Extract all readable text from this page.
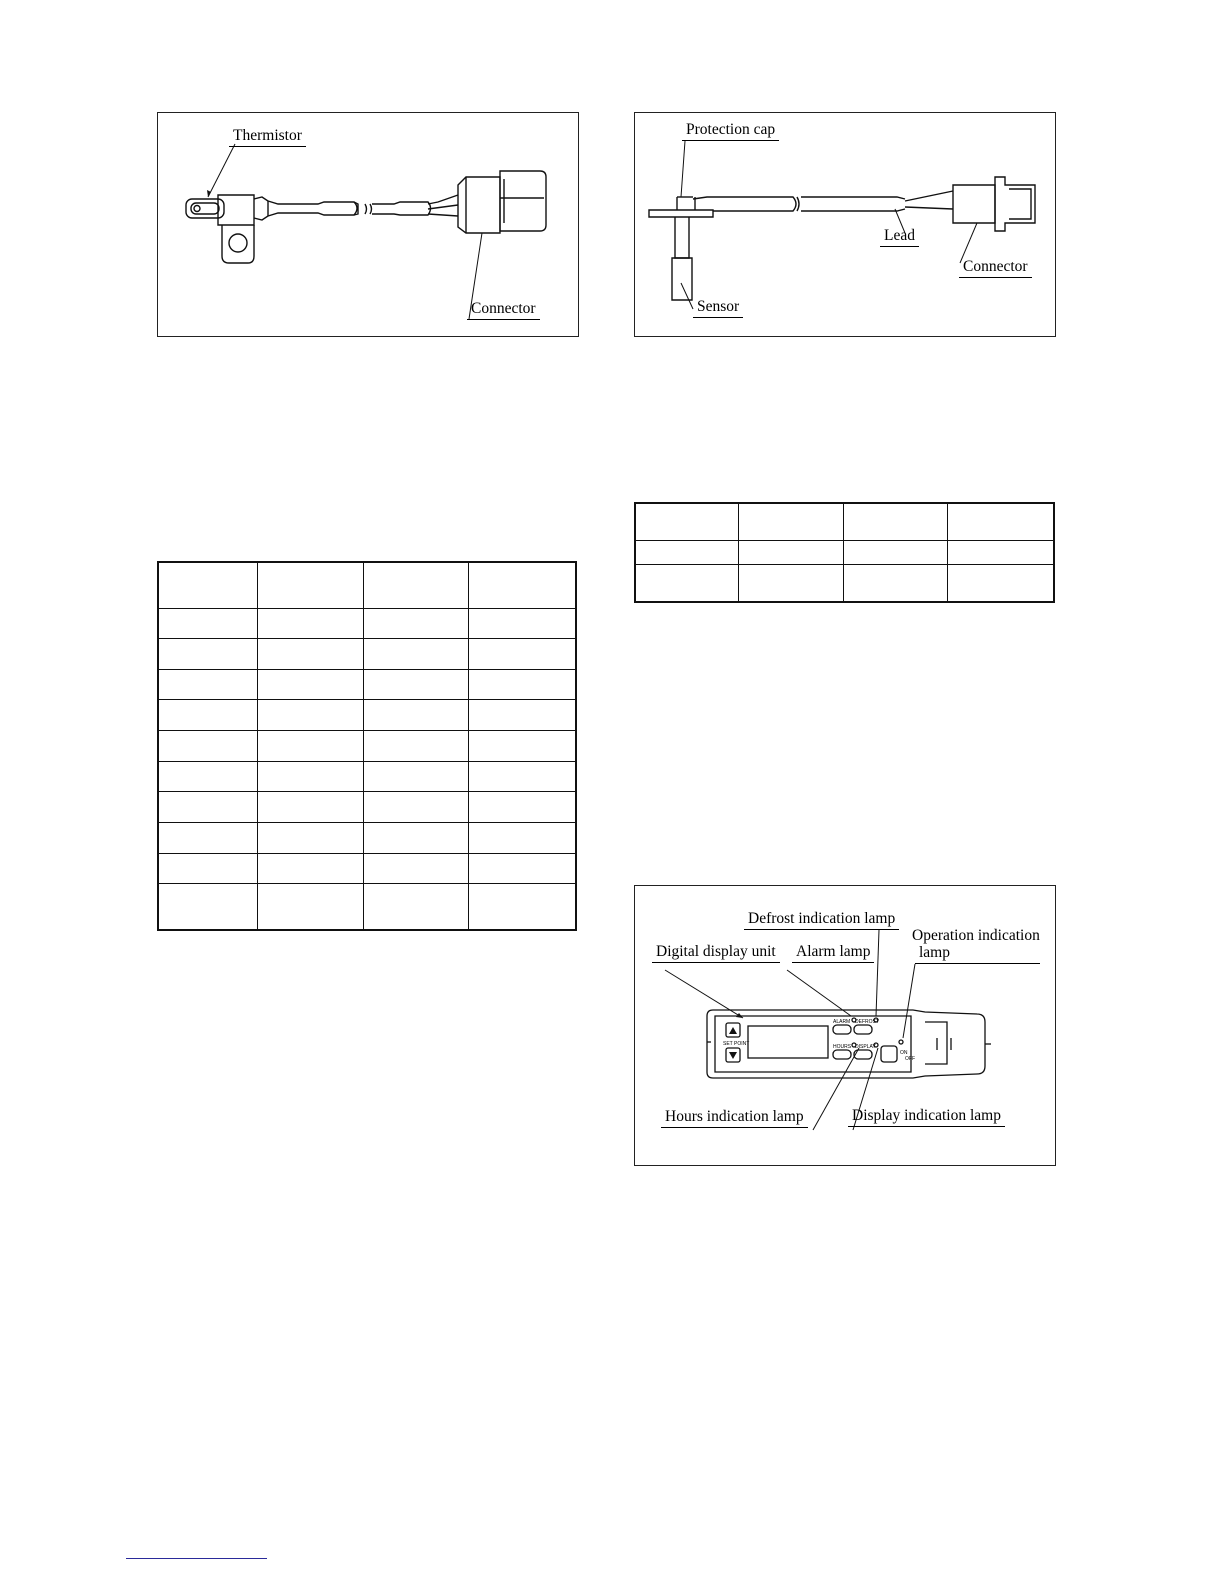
Thermistor
Connector
Protection cap
Lead
Connector
Sensor

ALARM DEFROST
HOURS DISPLAY
SET POINT
ON
OFF
Defrost indication lamp
Operation indication
lamp
Digital display unit Alarm lamp
Hours indication lamp	Display indication lamp
